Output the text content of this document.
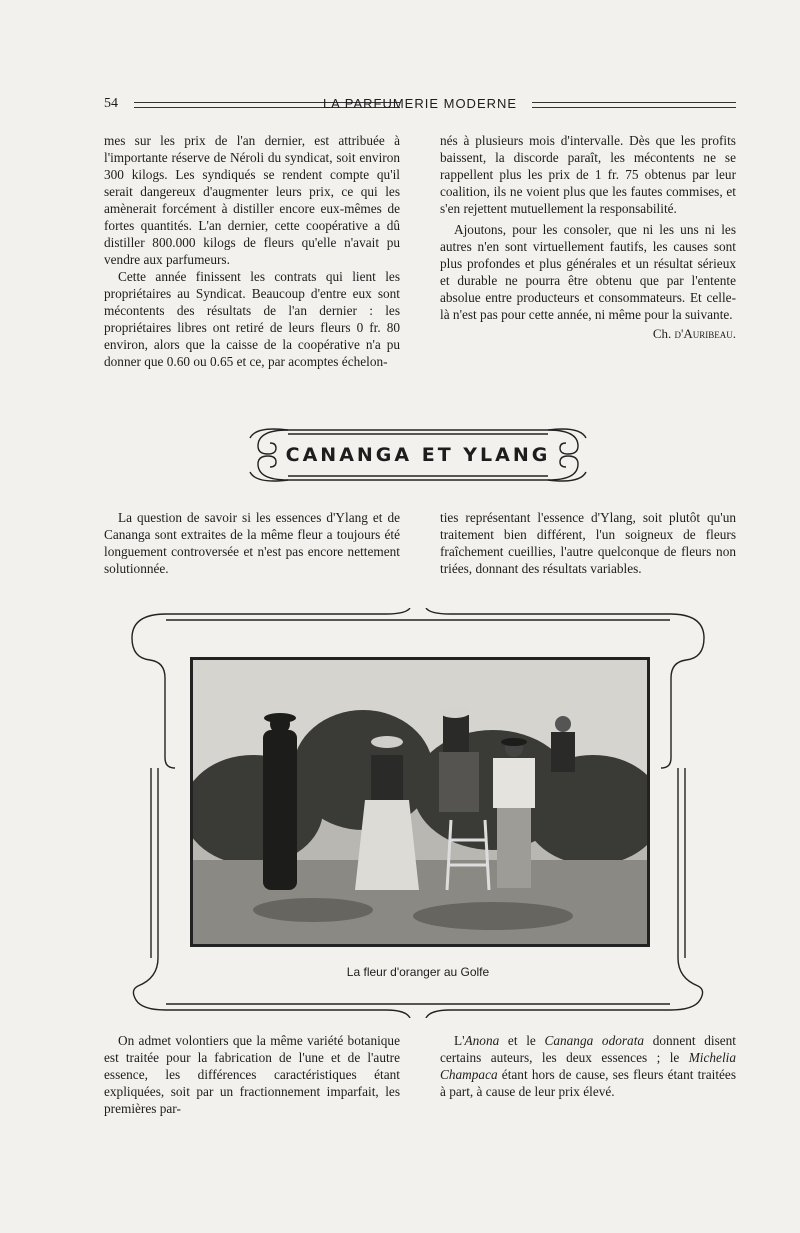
54	LA PARFUMERIE MODERNE

mes sur les prix de l'an dernier, est attribuée à l'importante réserve de Néroli du syndicat, soit environ 300 kilogs. Les syndiqués se rendent compte qu'il serait dangereux d'augmenter leurs prix, ce qui les amènerait forcément à distiller encore eux-mêmes de fortes quantités. L'an dernier, cette coopérative a dû distiller 800.000 kilogs de fleurs qu'elle n'avait pu vendre aux parfumeurs.

Cette année finissent les contrats qui lient les propriétaires au Syndicat. Beaucoup d'entre eux sont mécontents des résultats de l'an dernier : les propriétaires libres ont retiré de leurs fleurs 0 fr. 80 environ, alors que la caisse de la coopérative n'a pu donner que 0.60 ou 0.65 et ce, par acomptes échelon-

nés à plusieurs mois d'intervalle. Dès que les profits baissent, la discorde paraît, les mécontents ne se rappellent plus les prix de 1 fr. 75 obtenus par leur coalition, ils ne voient plus que les fautes commises, et s'en rejettent mutuellement la responsabilité.

Ajoutons, pour les consoler, que ni les uns ni les autres n'en sont virtuellement fautifs, les causes sont plus profondes et plus générales et un résultat sérieux et durable ne pourra être obtenu que par l'entente absolue entre producteurs et consommateurs. Et celle-là n'est pas pour cette année, ni même pour la suivante.

Ch. d'Auribeau.
CANANGA ET YLANG

La question de savoir si les essences d'Ylang et de Cananga sont extraites de la même fleur a toujours été longuement controversée et n'est pas encore nettement solutionnée.

ties représentant l'essence d'Ylang, soit plutôt qu'un traitement bien différent, l'un soigneux de fleurs fraîchement cueillies, l'autre quelconque de fleurs non triées, donnant des résultats variables.

La fleur d'oranger au Golfe

On admet volontiers que la même variété botanique est traitée pour la fabrication de l'une et de l'autre essence, les différences caractéristiques étant expliquées, soit par un fractionnement imparfait, les premières par-

L'Anona et le Cananga odorata donnent disent certains auteurs, les deux essences ; le Michelia Champaca étant hors de cause, ses fleurs étant traitées à part, à cause de leur prix élevé.
